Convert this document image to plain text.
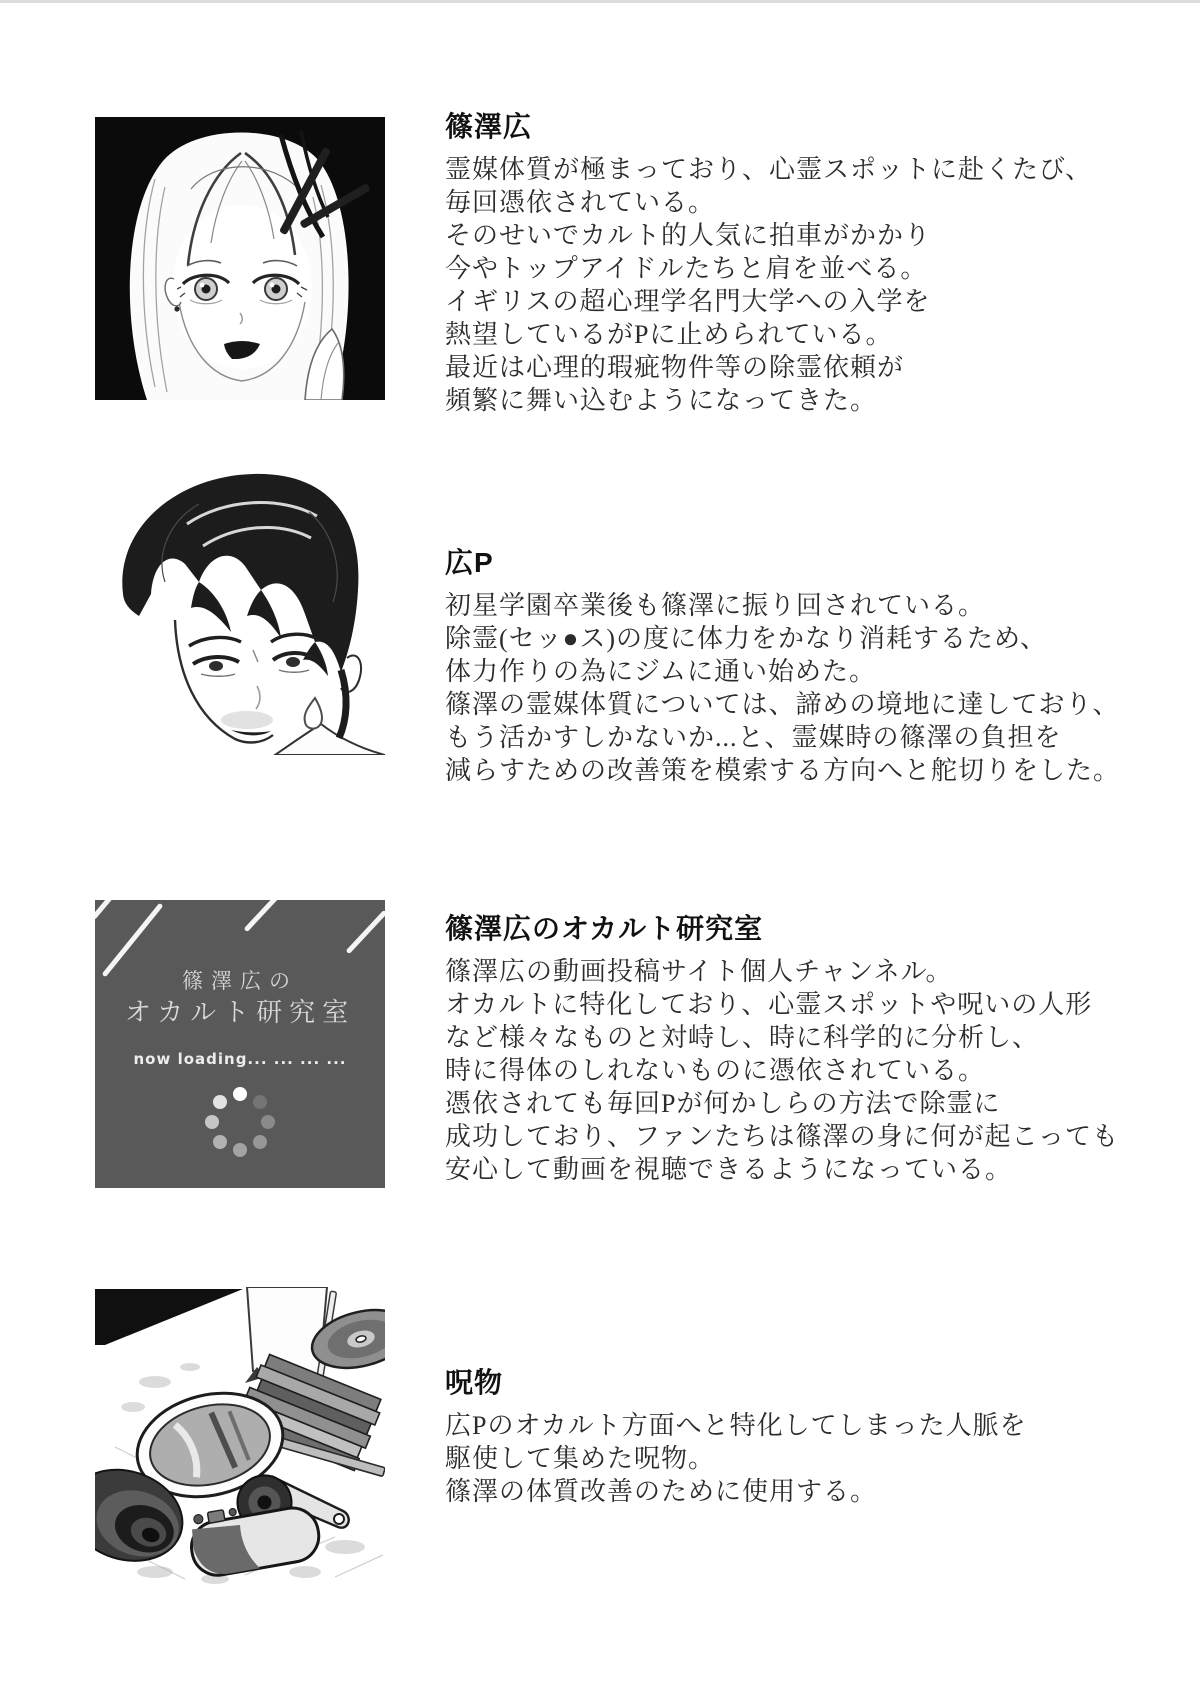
篠澤広
霊媒体質が極まっており、心霊スポットに赴くたび、
毎回憑依されている。
そのせいでカルト的人気に拍車がかかり
今やトップアイドルたちと肩を並べる。
イギリスの超心理学名門大学への入学を
熱望しているがPに止められている。
最近は心理的瑕疵物件等の除霊依頼が
頻繁に舞い込むようになってきた。
広P
初星学園卒業後も篠澤に振り回されている。
除霊(セッ●ス)の度に体力をかなり消耗するため、
体力作りの為にジムに通い始めた。
篠澤の霊媒体質については、諦めの境地に達しており、
もう活かすしかないか...と、霊媒時の篠澤の負担を
減らすための改善策を模索する方向へと舵切りをした。
篠澤広の
オカルト研究室
now loading... ... ... ...
篠澤広のオカルト研究室
篠澤広の動画投稿サイト個人チャンネル。
オカルトに特化しており、心霊スポットや呪いの人形
など様々なものと対峙し、時に科学的に分析し、
時に得体のしれないものに憑依されている。
憑依されても毎回Pが何かしらの方法で除霊に
成功しており、ファンたちは篠澤の身に何が起こっても
安心して動画を視聴できるようになっている。
呪物
広Pのオカルト方面へと特化してしまった人脈を
駆使して集めた呪物。
篠澤の体質改善のために使用する。
